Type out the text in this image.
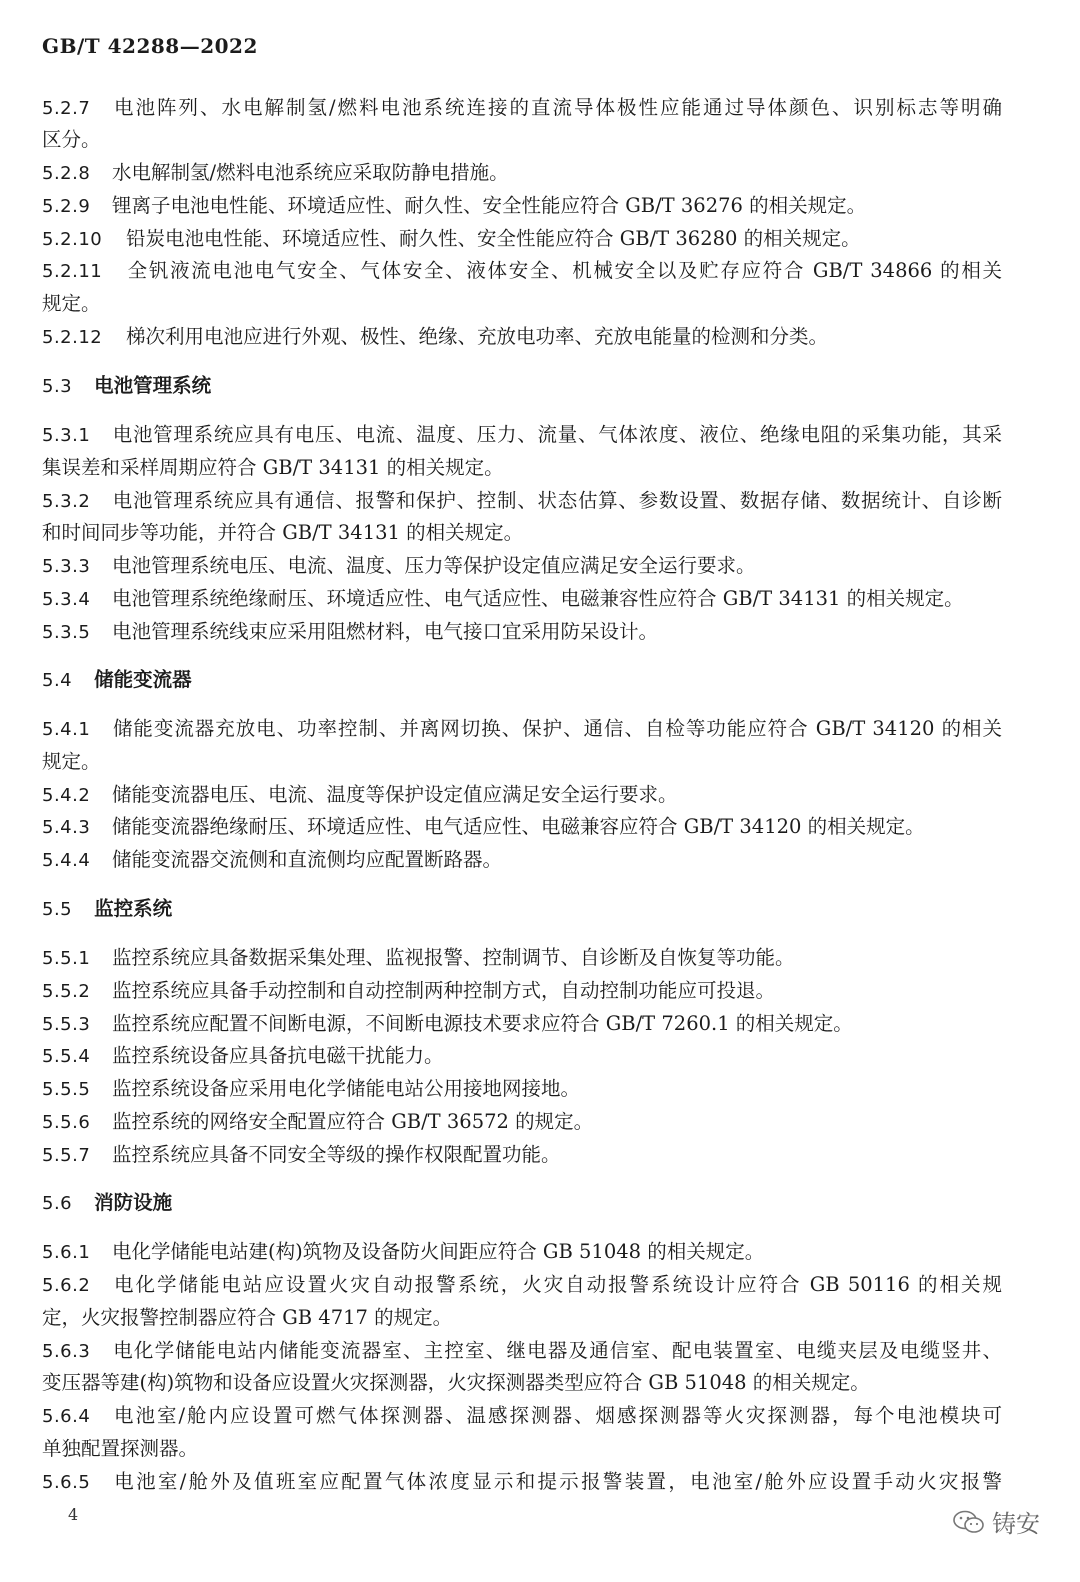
GB/T 42288—2022
5.2.7 电池阵列、水电解制氢/燃料电池系统连接的直流导体极性应能通过导体颜色、识别标志等明确
区分。
5.2.8 水电解制氢/燃料电池系统应采取防静电措施。
5.2.9 锂离子电池电性能、环境适应性、耐久性、安全性能应符合 GB/T 36276 的相关规定。
5.2.10 铅炭电池电性能、环境适应性、耐久性、安全性能应符合 GB/T 36280 的相关规定。
5.2.11 全钒液流电池电气安全、气体安全、液体安全、机械安全以及贮存应符合 GB/T 34866 的相关
规定。
5.2.12 梯次利用电池应进行外观、极性、绝缘、充放电功率、充放电能量的检测和分类。
5.3.1 电池管理系统应具有电压、电流、温度、压力、流量、气体浓度、液位、绝缘电阻的采集功能，其采
集误差和采样周期应符合 GB/T 34131 的相关规定。
5.3.2 电池管理系统应具有通信、报警和保护、控制、状态估算、参数设置、数据存储、数据统计、自诊断
和时间同步等功能，并符合 GB/T 34131 的相关规定。
5.3.3 电池管理系统电压、电流、温度、压力等保护设定值应满足安全运行要求。
5.3.4 电池管理系统绝缘耐压、环境适应性、电气适应性、电磁兼容性应符合 GB/T 34131 的相关规定。
5.3.5 电池管理系统线束应采用阻燃材料，电气接口宜采用防呆设计。
5.4.1 储能变流器充放电、功率控制、并离网切换、保护、通信、自检等功能应符合 GB/T 34120 的相关
规定。
5.4.2 储能变流器电压、电流、温度等保护设定值应满足安全运行要求。
5.4.3 储能变流器绝缘耐压、环境适应性、电气适应性、电磁兼容应符合 GB/T 34120 的相关规定。
5.4.4 储能变流器交流侧和直流侧均应配置断路器。
5.5.1 监控系统应具备数据采集处理、监视报警、控制调节、自诊断及自恢复等功能。
5.5.2 监控系统应具备手动控制和自动控制两种控制方式，自动控制功能应可投退。
5.5.3 监控系统应配置不间断电源，不间断电源技术要求应符合 GB/T 7260.1 的相关规定。
5.5.4 监控系统设备应具备抗电磁干扰能力。
5.5.5 监控系统设备应采用电化学储能电站公用接地网接地。
5.5.6 监控系统的网络安全配置应符合 GB/T 36572 的规定。
5.5.7 监控系统应具备不同安全等级的操作权限配置功能。
5.6.1 电化学储能电站建(构)筑物及设备防火间距应符合 GB 51048 的相关规定。
5.6.2 电化学储能电站应设置火灾自动报警系统，火灾自动报警系统设计应符合 GB 50116 的相关规
定，火灾报警控制器应符合 GB 4717 的规定。
5.6.3 电化学储能电站内储能变流器室、主控室、继电器及通信室、配电装置室、电缆夹层及电缆竖井、
变压器等建(构)筑物和设备应设置火灾探测器，火灾探测器类型应符合 GB 51048 的相关规定。
5.6.4 电池室/舱内应设置可燃气体探测器、温感探测器、烟感探测器等火灾探测器，每个电池模块可
单独配置探测器。
5.6.5 电池室/舱外及值班室应配置气体浓度显示和提示报警装置，电池室/舱外应设置手动火灾报警
5.3 电池管理系统
5.4 储能变流器
5.5 监控系统
5.6 消防设施
4	铸安
